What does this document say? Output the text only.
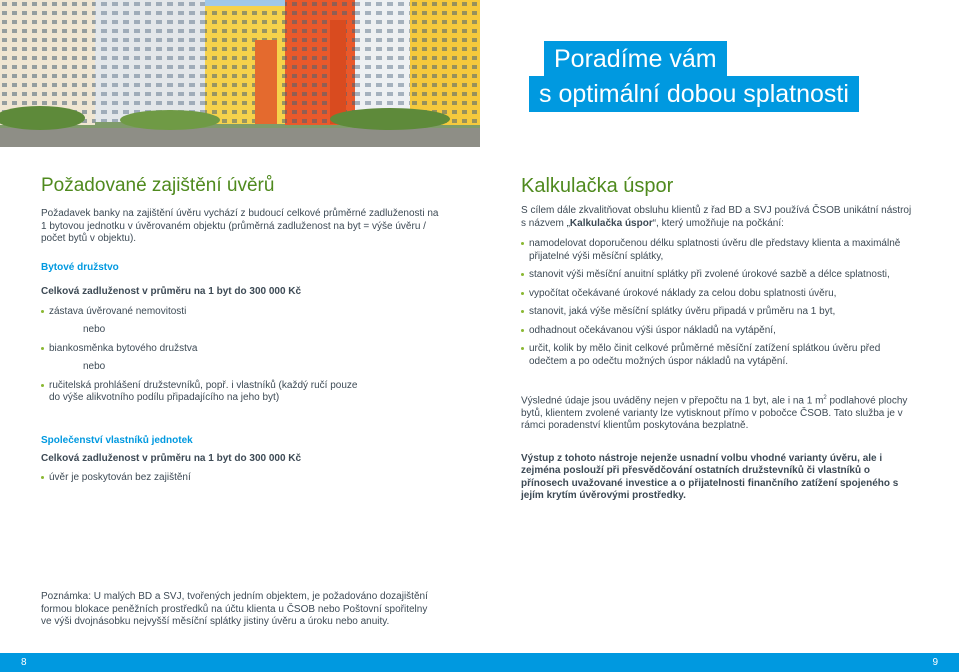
Poradíme vám
s optimální dobou splatnosti
Požadované zajištění úvěrů

Požadavek banky na zajištění úvěru vychází z budoucí celkové průměrné zadluženosti na 1 bytovou jednotku v úvěrovaném objektu (průměrná zadluženost na byt = výše úvěru / počet bytů v objektu).

Bytové družstvo

Celková zadluženost v průměru na 1 byt do 300 000 Kč

zástava úvěrované nemovitosti

nebo

biankosměnka bytového družstva

nebo

ručitelská prohlášení družstevníků, popř. i vlastníků (každý ručí pouze do výše alikvotního podílu připadajícího na jeho byt)

Společenství vlastníků jednotek

Celková zadluženost v průměru na 1 byt do 300 000 Kč

úvěr je poskytován bez zajištění

Poznámka: U malých BD a SVJ, tvořených jedním objektem, je požadováno dozajištění formou blokace peněžních prostředků na účtu klienta u ČSOB nebo Poštovní spořitelny ve výši dvojnásobku nejvyšší měsíční splátky jistiny úvěru a úroku nebo anuity.

Kalkulačka úspor

S cílem dále zkvalitňovat obsluhu klientů z řad BD a SVJ používá ČSOB unikátní nástroj s názvem „Kalkulačka úspor“, který umožňuje na počkání:

namodelovat doporučenou délku splatnosti úvěru dle představy klienta a maximálně přijatelné výši měsíční splátky,

stanovit výši měsíční anuitní splátky při zvolené úrokové sazbě a délce splatnosti,

vypočítat očekávané úrokové náklady za celou dobu splatnosti úvěru,

stanovit, jaká výše měsíční splátky úvěru připadá v průměru na 1 byt,

odhadnout očekávanou výši úspor nákladů na vytápění,

určit, kolik by mělo činit celkové průměrné měsíční zatížení splátkou úvěru před odečtem a po odečtu možných úspor nákladů na vytápění.

Výsledné údaje jsou uváděny nejen v přepočtu na 1 byt, ale i na 1 $m^2$ podlahové plochy bytů, klientem zvolené varianty lze vytisknout přímo v pobočce ČSOB. Tato služba je v rámci poradenství klientům poskytována bezplatně.

Výstup z tohoto nástroje nejenže usnadní volbu vhodné varianty úvěru, ale i zejména poslouží při přesvědčování ostatních družstevníků či vlastníků o přínosech uvažované investice a o přijatelnosti finančního zatížení spojeného s jejím krytím úvěrovými prostředky.

8	9
